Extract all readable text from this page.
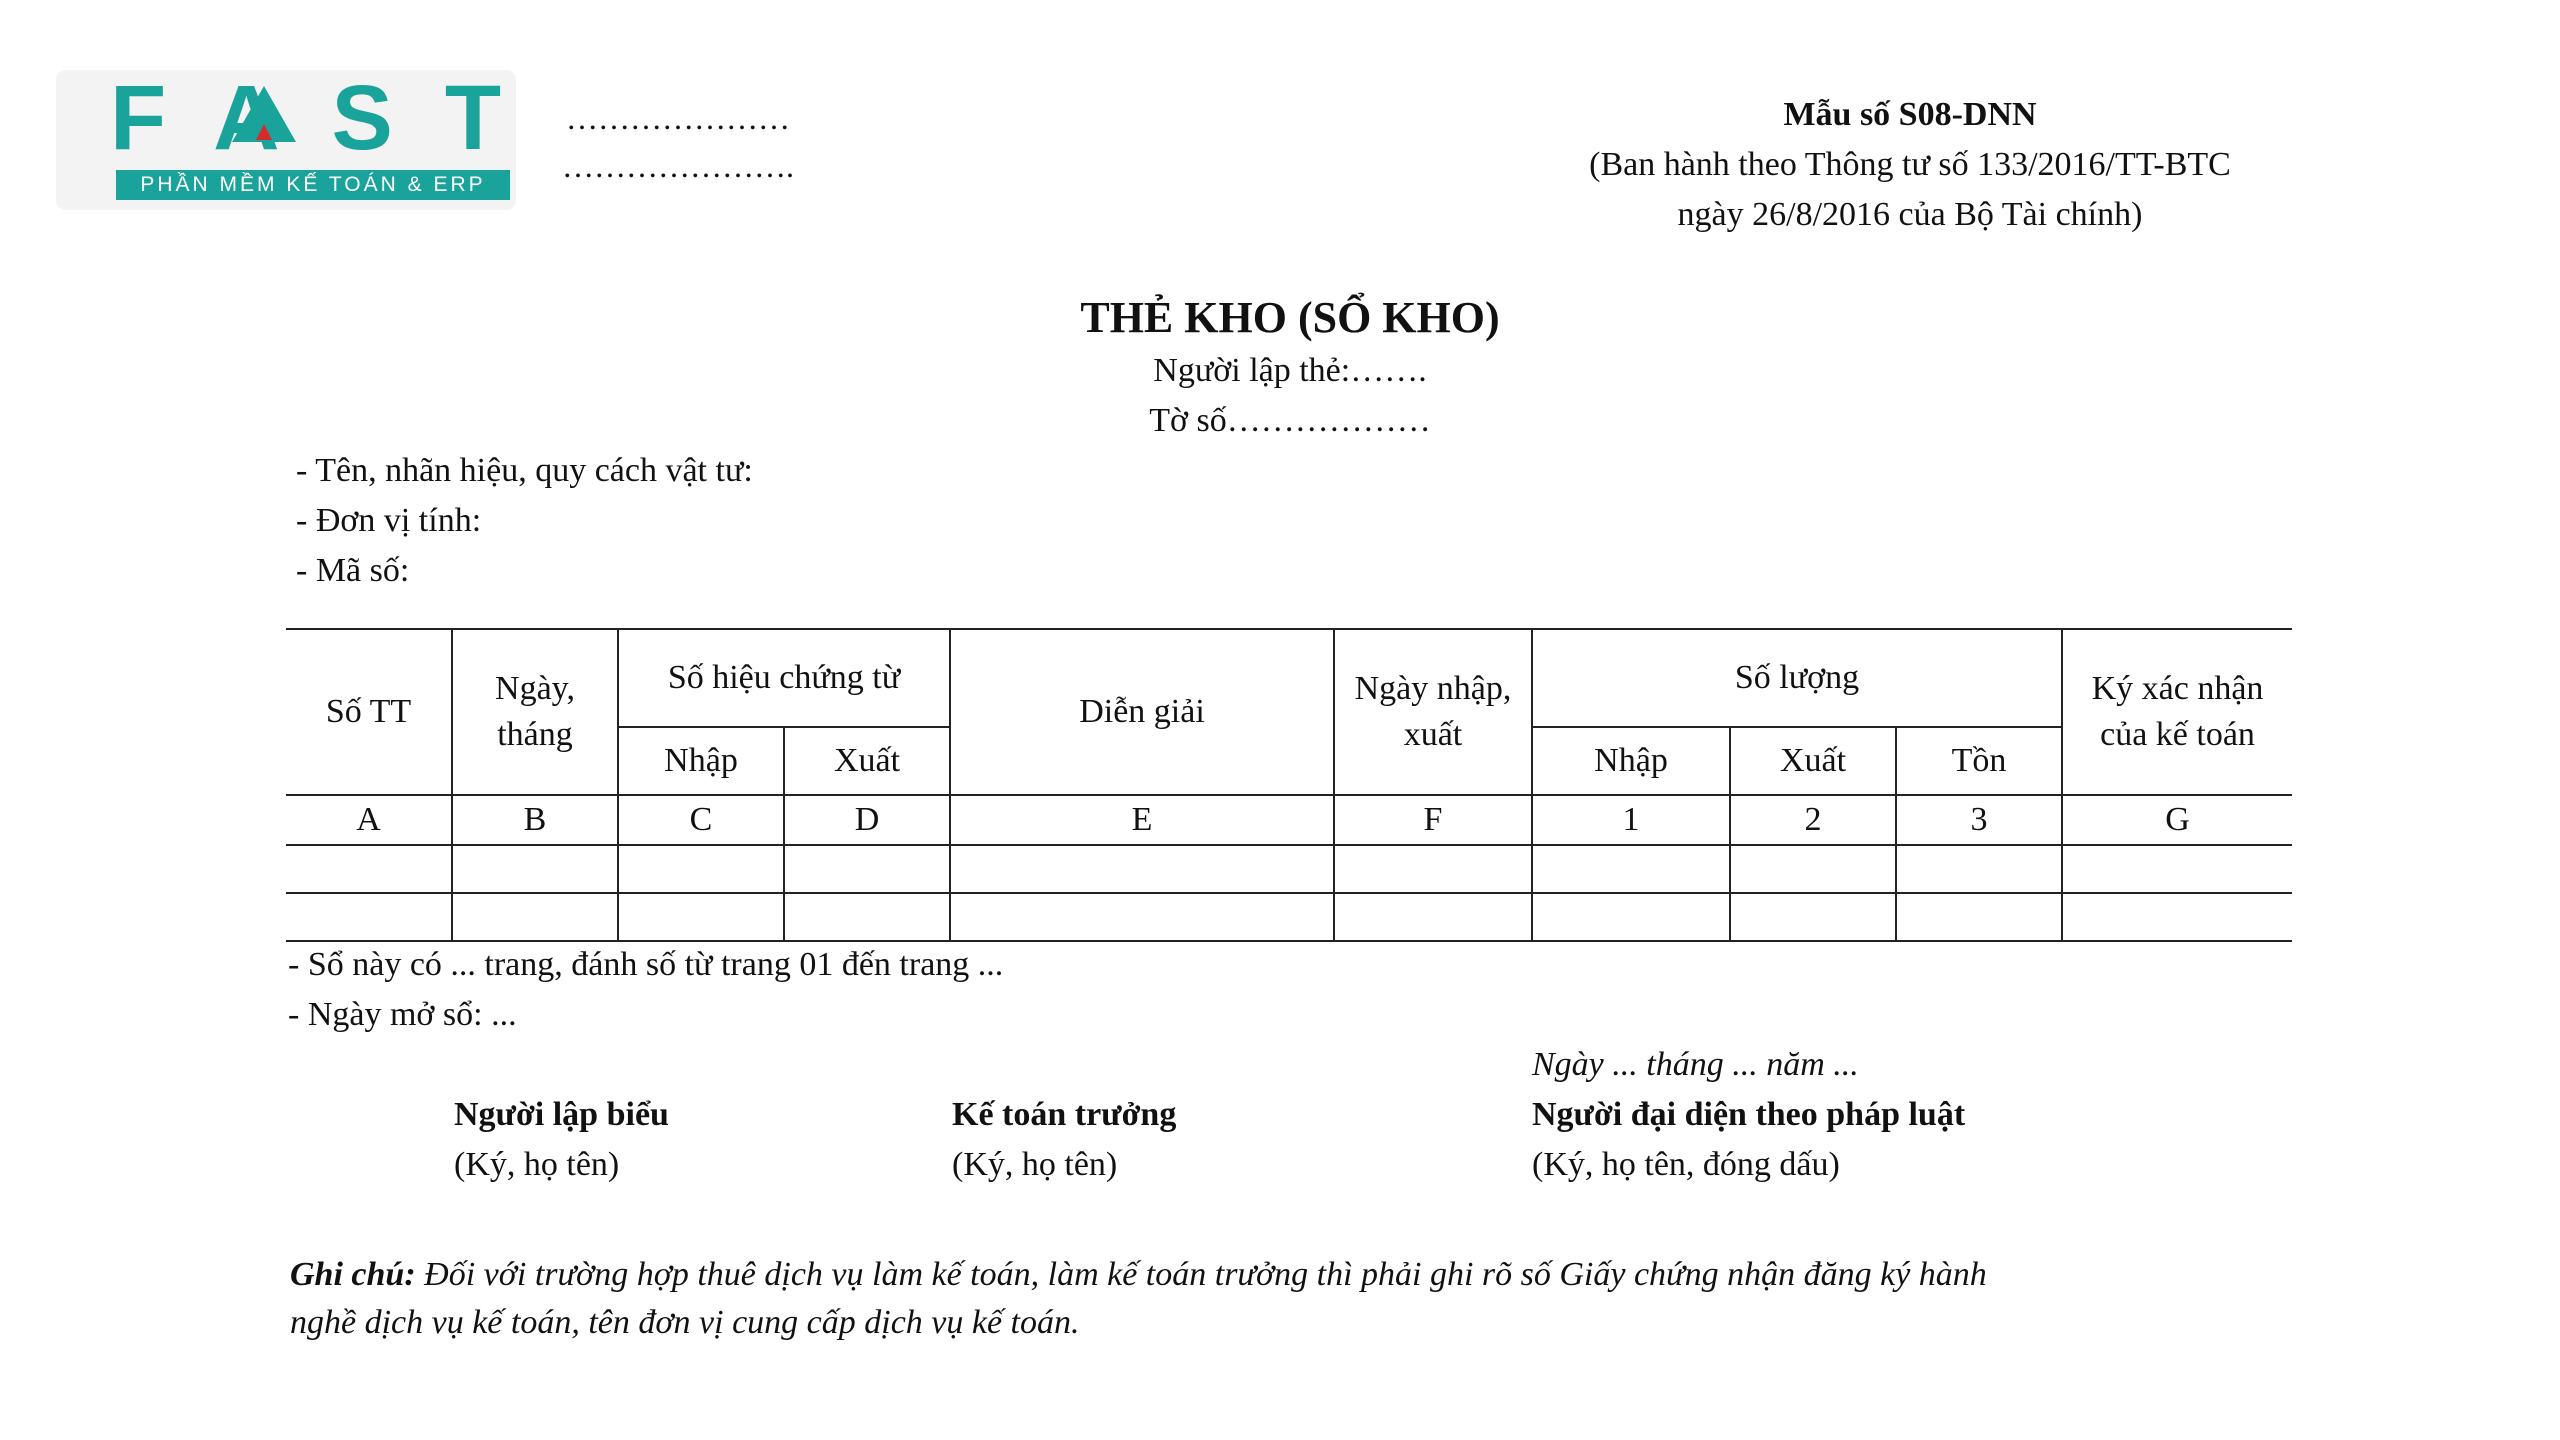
FAST
PHẦN MỀM KẾ TOÁN & ERP
…………………
………………….
Mẫu số S08-DNN
(Ban hành theo Thông tư số 133/2016/TT-BTC
ngày 26/8/2016 của Bộ Tài chính)
THẺ KHO (SỔ KHO)
Người lập thẻ:…….
Tờ số………………
- Tên, nhãn hiệu, quy cách vật tư:
- Đơn vị tính:
- Mã số:
Số TT	Ngày, tháng	Số hiệu chứng từ		Diễn giải	Ngày nhập, xuất	Số lượng			Ký xác nhận của kế toán
		Nhập	Xuất			Nhập	Xuất	Tồn	
A	B	C	D	E	F	1	2	3	G

- Sổ này có ... trang, đánh số từ trang 01 đến trang ...
- Ngày mở sổ: ...
Ngày ... tháng ... năm ...
Người lập biểu
(Ký, họ tên)
Kế toán trưởng
(Ký, họ tên)
Người đại diện theo pháp luật
(Ký, họ tên, đóng dấu)
Ghi chú: Đối với trường hợp thuê dịch vụ làm kế toán, làm kế toán trưởng thì phải ghi rõ số Giấy chứng nhận đăng ký hành
nghề dịch vụ kế toán, tên đơn vị cung cấp dịch vụ kế toán.
